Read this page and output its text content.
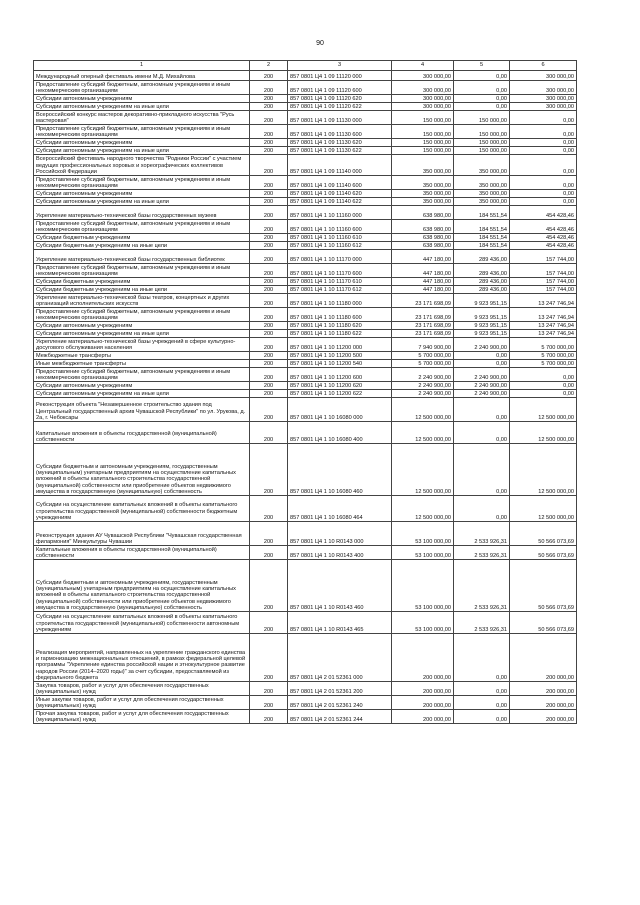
90
1	2	3	4	5	6
Международный оперный фестиваль имени М.Д. Михайлова	200	857 0801 Ц4 1 09 11120 000	300 000,00	0,00	300 000,00
Предоставление субсидий бюджетным, автономным учреждениям и иным некоммерческим организациям	200	857 0801 Ц4 1 09 11120 600	300 000,00	0,00	300 000,00
Субсидии автономным учреждениям	200	857 0801 Ц4 1 09 11120 620	300 000,00	0,00	300 000,00
Субсидии автономным учреждениям на иные цели	200	857 0801 Ц4 1 09 11120 622	300 000,00	0,00	300 000,00
Всероссийский конкурс мастеров декоративно-прикладного искусства "Русь мастеровая"	200	857 0801 Ц4 1 09 11130 000	150 000,00	150 000,00	0,00
Предоставление субсидий бюджетным, автономным учреждениям и иным некоммерческим организациям	200	857 0801 Ц4 1 09 11130 600	150 000,00	150 000,00	0,00
Субсидии автономным учреждениям	200	857 0801 Ц4 1 09 11130 620	150 000,00	150 000,00	0,00
Субсидии автономным учреждениям на иные цели	200	857 0801 Ц4 1 09 11130 622	150 000,00	150 000,00	0,00
Всероссийский фестиваль народного творчества "Родники России" с участием ведущих профессиональных хоровых и хореографических коллективов Российской Федерации	200	857 0801 Ц4 1 09 11140 000	350 000,00	350 000,00	0,00
Предоставление субсидий бюджетным, автономным учреждениям и иным некоммерческим организациям	200	857 0801 Ц4 1 09 11140 600	350 000,00	350 000,00	0,00
Субсидии автономным учреждениям	200	857 0801 Ц4 1 09 11140 620	350 000,00	350 000,00	0,00
Субсидии автономным учреждениям на иные цели	200	857 0801 Ц4 1 09 11140 622	350 000,00	350 000,00	0,00
Укрепление материально-технической базы государственных музеев	200	857 0801 Ц4 1 10 11160 000	638 980,00	184 551,54	454 428,46
Предоставление субсидий бюджетным, автономным учреждениям и иным некоммерческим организациям	200	857 0801 Ц4 1 10 11160 600	638 980,00	184 551,54	454 428,46
Субсидии бюджетным учреждениям	200	857 0801 Ц4 1 10 11160 610	638 980,00	184 551,54	454 428,46
Субсидии бюджетным учреждениям на иные цели	200	857 0801 Ц4 1 10 11160 612	638 980,00	184 551,54	454 428,46
Укрепление материально-технической базы государственных библиотек	200	857 0801 Ц4 1 10 11170 000	447 180,00	289 436,00	157 744,00
Предоставление субсидий бюджетным, автономным учреждениям и иным некоммерческим организациям	200	857 0801 Ц4 1 10 11170 600	447 180,00	289 436,00	157 744,00
Субсидии бюджетным учреждениям	200	857 0801 Ц4 1 10 11170 610	447 180,00	289 436,00	157 744,00
Субсидии бюджетным учреждениям на иные цели	200	857 0801 Ц4 1 10 11170 612	447 180,00	289 436,00	157 744,00
Укрепление материально-технической базы театров, концертных и других организаций исполнительских искусств	200	857 0801 Ц4 1 10 11180 000	23 171 698,09	9 923 951,15	13 247 746,94
Предоставление субсидий бюджетным, автономным учреждениям и иным некоммерческим организациям	200	857 0801 Ц4 1 10 11180 600	23 171 698,09	9 923 951,15	13 247 746,94
Субсидии автономным учреждениям	200	857 0801 Ц4 1 10 11180 620	23 171 698,09	9 923 951,15	13 247 746,94
Субсидии автономным учреждениям на иные цели	200	857 0801 Ц4 1 10 11180 622	23 171 698,09	9 923 951,15	13 247 746,94
Укрепление материально-технической базы учреждений в сфере культурно-досугового обслуживания населения	200	857 0801 Ц4 1 10 11200 000	7 940 900,00	2 240 900,00	5 700 000,00
Межбюджетные трансферты	200	857 0801 Ц4 1 10 11200 500	5 700 000,00	0,00	5 700 000,00
Иные межбюджетные трансферты	200	857 0801 Ц4 1 10 11200 540	5 700 000,00	0,00	5 700 000,00
Предоставление субсидий бюджетным, автономным учреждениям и иным некоммерческим организациям	200	857 0801 Ц4 1 10 11200 600	2 240 900,00	2 240 900,00	0,00
Субсидии автономным учреждениям	200	857 0801 Ц4 1 10 11200 620	2 240 900,00	2 240 900,00	0,00
Субсидии автономным учреждениям на иные цели	200	857 0801 Ц4 1 10 11200 622	2 240 900,00	2 240 900,00	0,00
Реконструкция объекта "Незавершенное строительство здания под Центральный государственный архив Чувашской Республики" по ул. Урукова, д. 2а, г. Чебоксары	200	857 0801 Ц4 1 10 16080 000	12 500 000,00	0,00	12 500 000,00
Капитальные вложения в объекты государственной (муниципальной) собственности	200	857 0801 Ц4 1 10 16080 400	12 500 000,00	0,00	12 500 000,00
Субсидии бюджетным и автономным учреждениям, государственным (муниципальным) унитарным предприятиям на осуществление капитальных вложений в объекты капитального строительства государственной (муниципальной) собственности или приобретение объектов недвижимого имущества в государственную (муниципальную) собственность	200	857 0801 Ц4 1 10 16080 460	12 500 000,00	0,00	12 500 000,00
Субсидии на осуществление капитальных вложений в объекты капитального строительства государственной (муниципальной) собственности бюджетным учреждениям	200	857 0801 Ц4 1 10 16080 464	12 500 000,00	0,00	12 500 000,00
Реконструкция здания АУ Чувашской Республики "Чувашская государственная филармония" Минкультуры Чувашии	200	857 0801 Ц4 1 10 R0143 000	53 100 000,00	2 533 926,31	50 566 073,69
Капитальные вложения в объекты государственной (муниципальной) собственности	200	857 0801 Ц4 1 10 R0143 400	53 100 000,00	2 533 926,31	50 566 073,69
Субсидии бюджетным и автономным учреждениям, государственным (муниципальным) унитарным предприятиям на осуществление капитальных вложений в объекты капитального строительства государственной (муниципальной) собственности или приобретение объектов недвижимого имущества в государственную (муниципальную) собственность	200	857 0801 Ц4 1 10 R0143 460	53 100 000,00	2 533 926,31	50 566 073,69
Субсидии на осуществление капитальных вложений в объекты капитального строительства государственной (муниципальной) собственности автономным учреждениям	200	857 0801 Ц4 1 10 R0143 465	53 100 000,00	2 533 926,31	50 566 073,69
Реализация мероприятий, направленных на укрепление гражданского единства и гармонизацию межнациональных отношений, в рамках федеральной целевой программы "Укрепление единства российской нации и этнокультурное развитие народов России (2014–2020 годы)" за счет субсидии, предоставляемой из федерального бюджета	200	857 0801 Ц4 2 01 52361 000	200 000,00	0,00	200 000,00
Закупка товаров, работ и услуг для обеспечения государственных (муниципальных) нужд	200	857 0801 Ц4 2 01 52361 200	200 000,00	0,00	200 000,00
Иные закупки товаров, работ и услуг для обеспечения государственных (муниципальных) нужд	200	857 0801 Ц4 2 01 52361 240	200 000,00	0,00	200 000,00
Прочая закупка товаров, работ и услуг для обеспечения государственных (муниципальных) нужд	200	857 0801 Ц4 2 01 52361 244	200 000,00	0,00	200 000,00
